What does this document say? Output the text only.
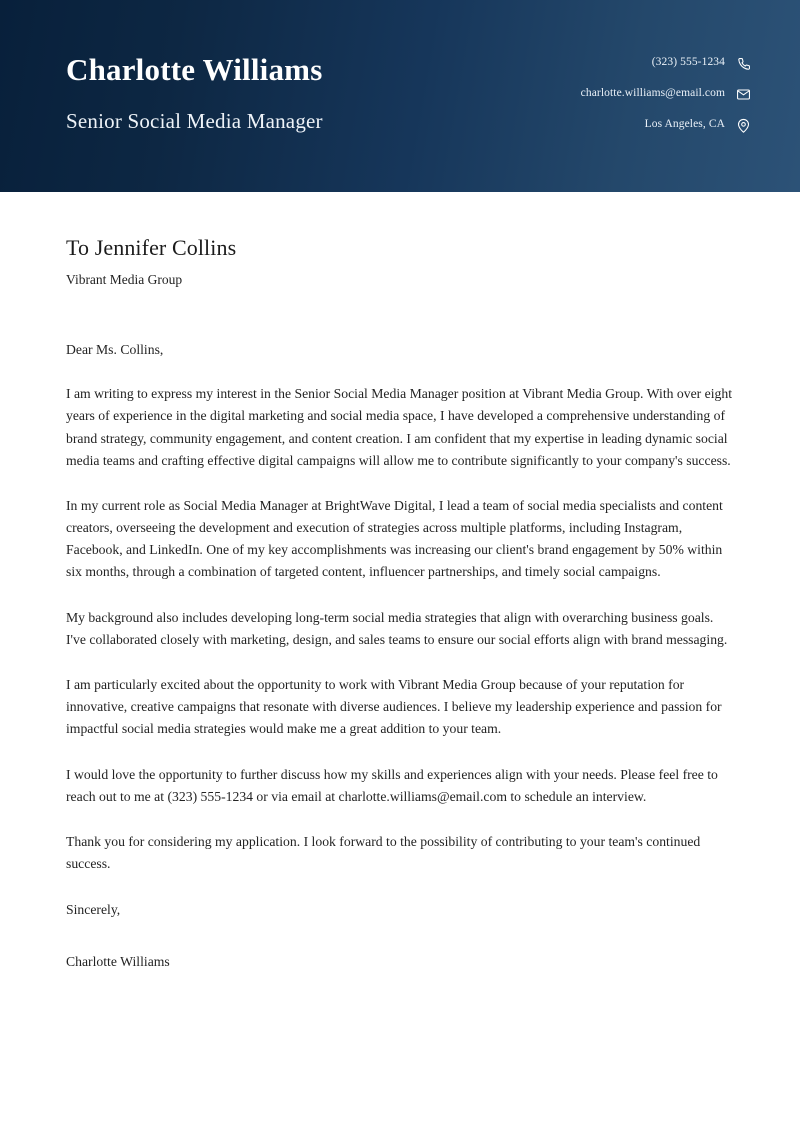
Charlotte Williams
Senior Social Media Manager
(323) 555-1234
charlotte.williams@email.com
Los Angeles, CA
To Jennifer Collins
Vibrant Media Group

Dear Ms. Collins,

I am writing to express my interest in the Senior Social Media Manager position at Vibrant Media Group. With over eight years of experience in the digital marketing and social media space, I have developed a comprehensive understanding of brand strategy, community engagement, and content creation. I am confident that my expertise in leading dynamic social media teams and crafting effective digital campaigns will allow me to contribute significantly to your company's success.

In my current role as Social Media Manager at BrightWave Digital, I lead a team of social media specialists and content creators, overseeing the development and execution of strategies across multiple platforms, including Instagram, Facebook, and LinkedIn. One of my key accomplishments was increasing our client's brand engagement by 50% within six months, through a combination of targeted content, influencer partnerships, and timely social campaigns.

My background also includes developing long-term social media strategies that align with overarching business goals. I've collaborated closely with marketing, design, and sales teams to ensure our social efforts align with brand messaging.

I am particularly excited about the opportunity to work with Vibrant Media Group because of your reputation for innovative, creative campaigns that resonate with diverse audiences. I believe my leadership experience and passion for impactful social media strategies would make me a great addition to your team.

I would love the opportunity to further discuss how my skills and experiences align with your needs. Please feel free to reach out to me at (323) 555-1234 or via email at charlotte.williams@email.com to schedule an interview.

Thank you for considering my application. I look forward to the possibility of contributing to your team's continued success.

Sincerely,

Charlotte Williams
